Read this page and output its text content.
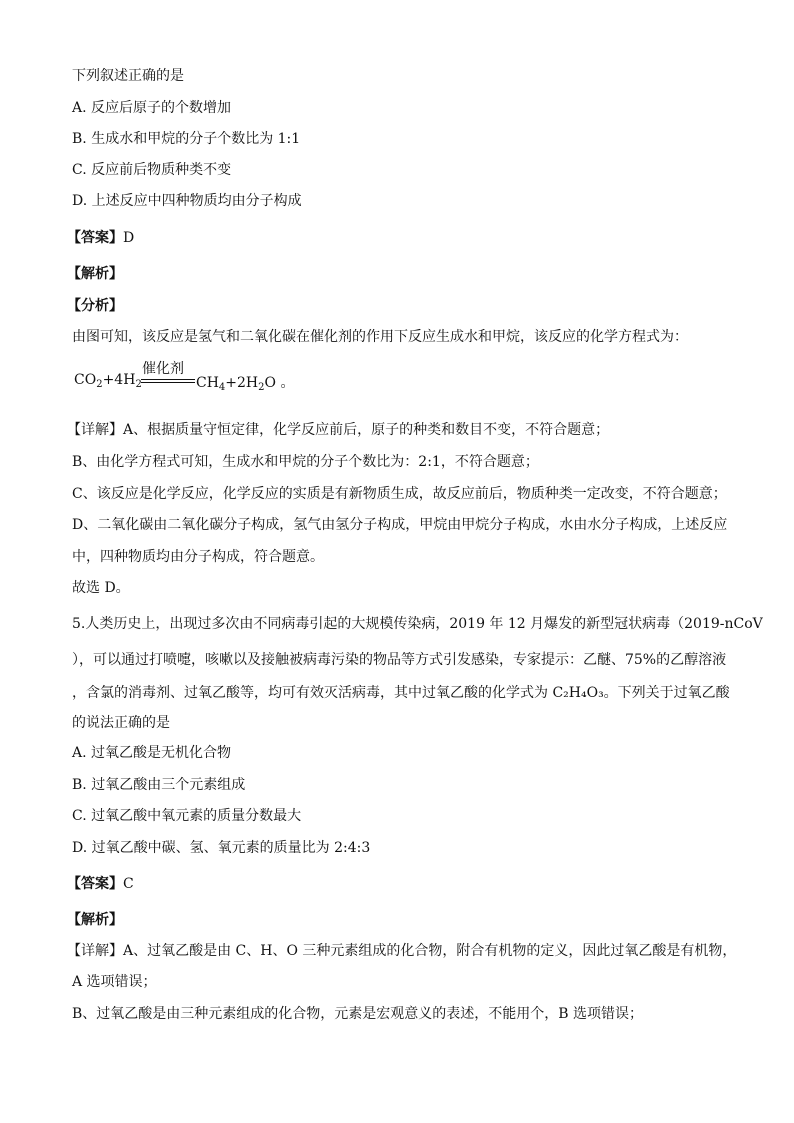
下列叙述正确的是
A. 反应后原子的个数增加
B. 生成水和甲烷的分子个数比为 1:1
C. 反应前后物质种类不变
D. 上述反应中四种物质均由分子构成
【答案】D
【解析】
【分析】
由图可知，该反应是氢气和二氧化碳在催化剂的作用下反应生成水和甲烷，该反应的化学方程式为：
催化剂
$CO_2+4H_2$	$CH_4+2H_2O$ 。
【详解】A、根据质量守恒定律，化学反应前后，原子的种类和数目不变，不符合题意；
B、由化学方程式可知，生成水和甲烷的分子个数比为：2:1，不符合题意；
C、该反应是化学反应，化学反应的实质是有新物质生成，故反应前后，物质种类一定改变，不符合题意；
D、二氧化碳由二氧化碳分子构成，氢气由氢分子构成，甲烷由甲烷分子构成，水由水分子构成，上述反应
中，四种物质均由分子构成，符合题意。
故选 D。
5.人类历史上，出现过多次由不同病毒引起的大规模传染病，2019 年 12 月爆发的新型冠状病毒（2019-nCoV
），可以通过打喷嚏，咳嗽以及接触被病毒污染的物品等方式引发感染，专家提示：乙醚、75%的乙醇溶液
，含氯的消毒剂、过氧乙酸等，均可有效灭活病毒，其中过氧乙酸的化学式为 C₂H₄O₃。下列关于过氧乙酸
的说法正确的是
A. 过氧乙酸是无机化合物
B. 过氧乙酸由三个元素组成
C. 过氧乙酸中氧元素的质量分数最大
D. 过氧乙酸中碳、氢、氧元素的质量比为 2:4:3
【答案】C
【解析】
【详解】A、过氧乙酸是由 C、H、O 三种元素组成的化合物，附合有机物的定义，因此过氧乙酸是有机物，
A 选项错误；
B、过氧乙酸是由三种元素组成的化合物，元素是宏观意义的表述，不能用个，B 选项错误；
